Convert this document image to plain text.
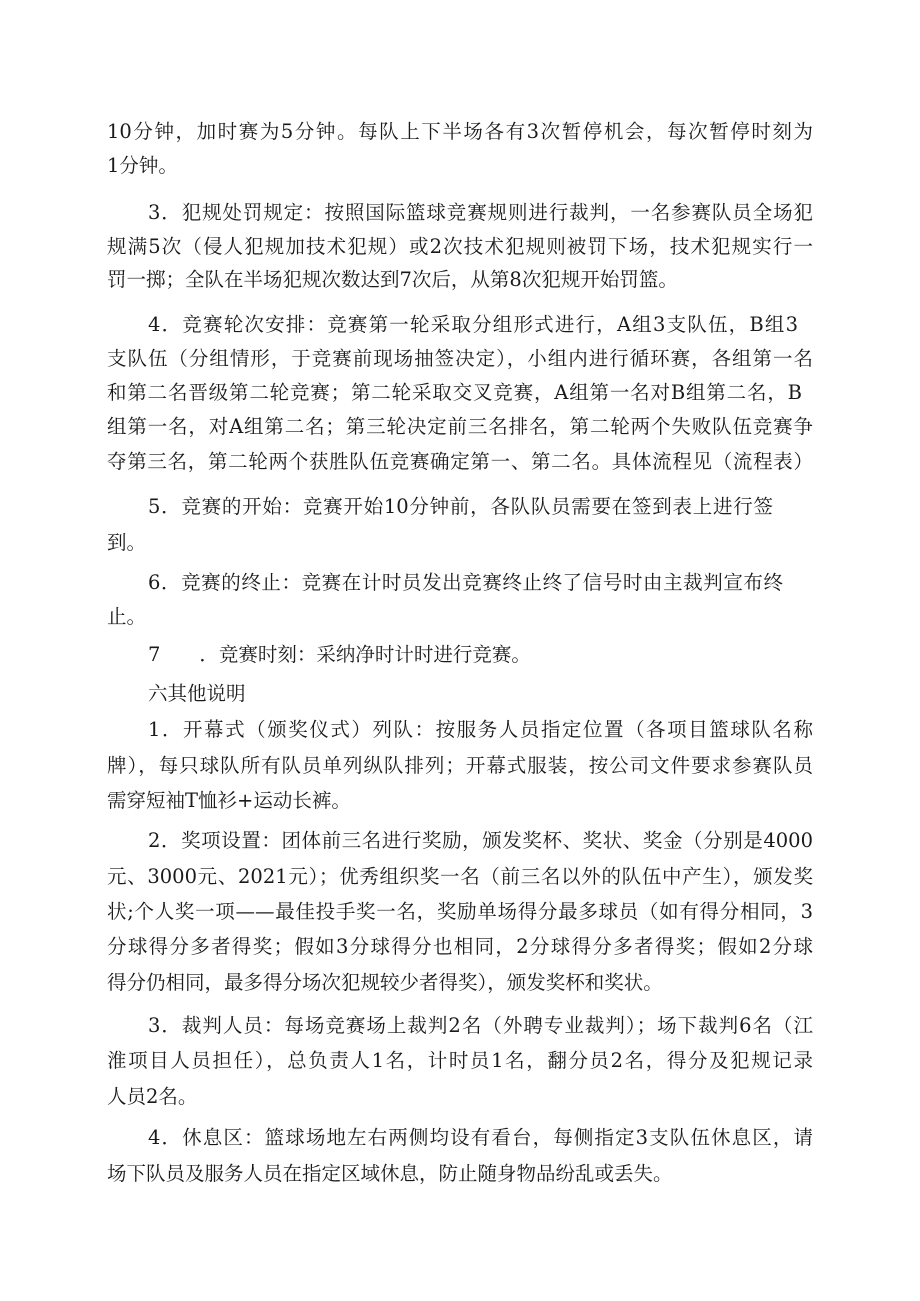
10分钟，加时赛为5分钟。每队上下半场各有3次暂停机会，每次暂停时刻为
1分钟。
3．犯规处罚规定：按照国际篮球竞赛规则进行裁判，一名参赛队员全场犯
规满5次（侵人犯规加技术犯规）或2次技术犯规则被罚下场，技术犯规实行一
罚一掷；全队在半场犯规次数达到7次后，从第8次犯规开始罚篮。
4．竞赛轮次安排：竞赛第一轮采取分组形式进行，A组3支队伍，B组3
支队伍（分组情形，于竞赛前现场抽签决定），小组内进行循环赛，各组第一名
和第二名晋级第二轮竞赛；第二轮采取交叉竞赛，A组第一名对B组第二名，B
组第一名，对A组第二名；第三轮决定前三名排名，第二轮两个失败队伍竞赛争
夺第三名，第二轮两个获胜队伍竞赛确定第一、第二名。具体流程见（流程表）
5．竞赛的开始：竞赛开始10分钟前，各队队员需要在签到表上进行签
到。
6．竞赛的终止：竞赛在计时员发出竞赛终止终了信号时由主裁判宣布终
止。
7　　．竞赛时刻：采纳净时计时进行竞赛。
六其他说明
1．开幕式（颁奖仪式）列队：按服务人员指定位置（各项目篮球队名称
牌），每只球队所有队员单列纵队排列；开幕式服装，按公司文件要求参赛队员
需穿短袖T恤衫+运动长裤。
2．奖项设置：团体前三名进行奖励，颁发奖杯、奖状、奖金（分别是4000
元、3000元、2021元）；优秀组织奖一名（前三名以外的队伍中产生），颁发奖
状;个人奖一项——最佳投手奖一名，奖励单场得分最多球员（如有得分相同，3
分球得分多者得奖；假如3分球得分也相同，2分球得分多者得奖；假如2分球
得分仍相同，最多得分场次犯规较少者得奖），颁发奖杯和奖状。
3．裁判人员：每场竞赛场上裁判2名（外聘专业裁判）；场下裁判6名（江
淮项目人员担任），总负责人1名，计时员1名，翻分员2名，得分及犯规记录
人员2名。
4．休息区：篮球场地左右两侧均设有看台，每侧指定3支队伍休息区，请
场下队员及服务人员在指定区域休息，防止随身物品纷乱或丢失。
